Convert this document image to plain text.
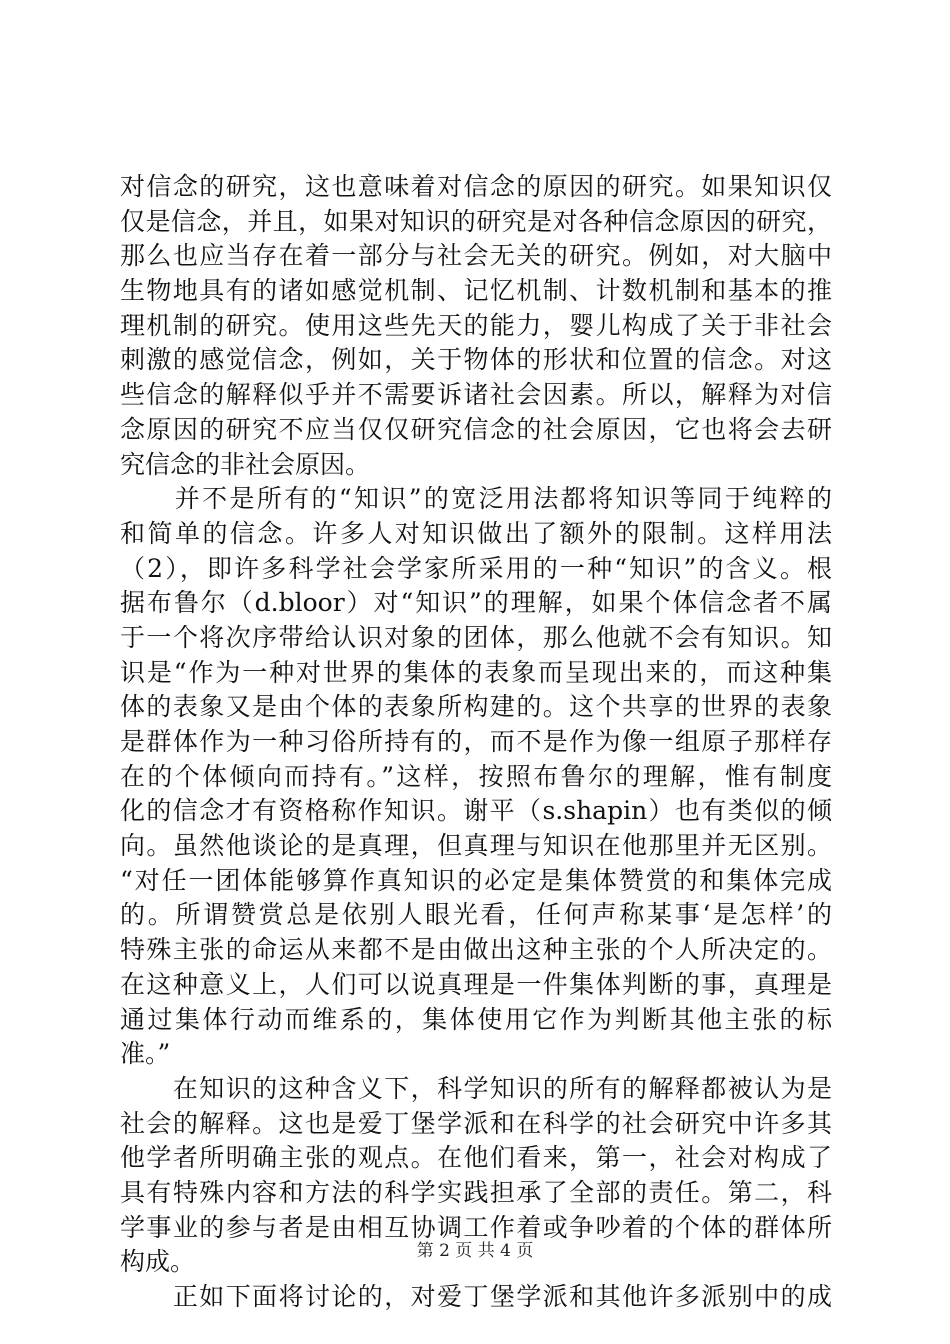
对信念的研究，这也意味着对信念的原因的研究。如果知识仅
仅是信念，并且，如果对知识的研究是对各种信念原因的研究，
那么也应当存在着一部分与社会无关的研究。例如，对大脑中
生物地具有的诸如感觉机制、记忆机制、计数机制和基本的推
理机制的研究。使用这些先天的能力，婴儿构成了关于非社会
刺激的感觉信念，例如，关于物体的形状和位置的信念。对这
些信念的解释似乎并不需要诉诸社会因素。所以，解释为对信
念原因的研究不应当仅仅研究信念的社会原因，它也将会去研
究信念的非社会原因。
　　并不是所有的“知识”的宽泛用法都将知识等同于纯粹的
和简单的信念。许多人对知识做出了额外的限制。这样用法
（2），即许多科学社会学家所采用的一种“知识”的含义。根
据布鲁尔（d.bloor）对“知识”的理解，如果个体信念者不属
于一个将次序带给认识对象的团体，那么他就不会有知识。知
识是“作为一种对世界的集体的表象而呈现出来的，而这种集
体的表象又是由个体的表象所构建的。这个共享的世界的表象
是群体作为一种习俗所持有的，而不是作为像一组原子那样存
在的个体倾向而持有。”这样，按照布鲁尔的理解，惟有制度
化的信念才有资格称作知识。谢平（s.shapin）也有类似的倾
向。虽然他谈论的是真理，但真理与知识在他那里并无区别。
“对任一团体能够算作真知识的必定是集体赞赏的和集体完成
的。所谓赞赏总是依别人眼光看，任何声称某事‘是怎样’的
特殊主张的命运从来都不是由做出这种主张的个人所决定的。
在这种意义上，人们可以说真理是一件集体判断的事，真理是
通过集体行动而维系的，集体使用它作为判断其他主张的标
准。”
　　在知识的这种含义下，科学知识的所有的解释都被认为是
社会的解释。这也是爱丁堡学派和在科学的社会研究中许多其
他学者所明确主张的观点。在他们看来，第一，社会对构成了
具有特殊内容和方法的科学实践担承了全部的责任。第二，科
学事业的参与者是由相互协调工作着或争吵着的个体的群体所
构成。
　　正如下面将讨论的，对爱丁堡学派和其他许多派别中的成
第 2 页 共 4 页
